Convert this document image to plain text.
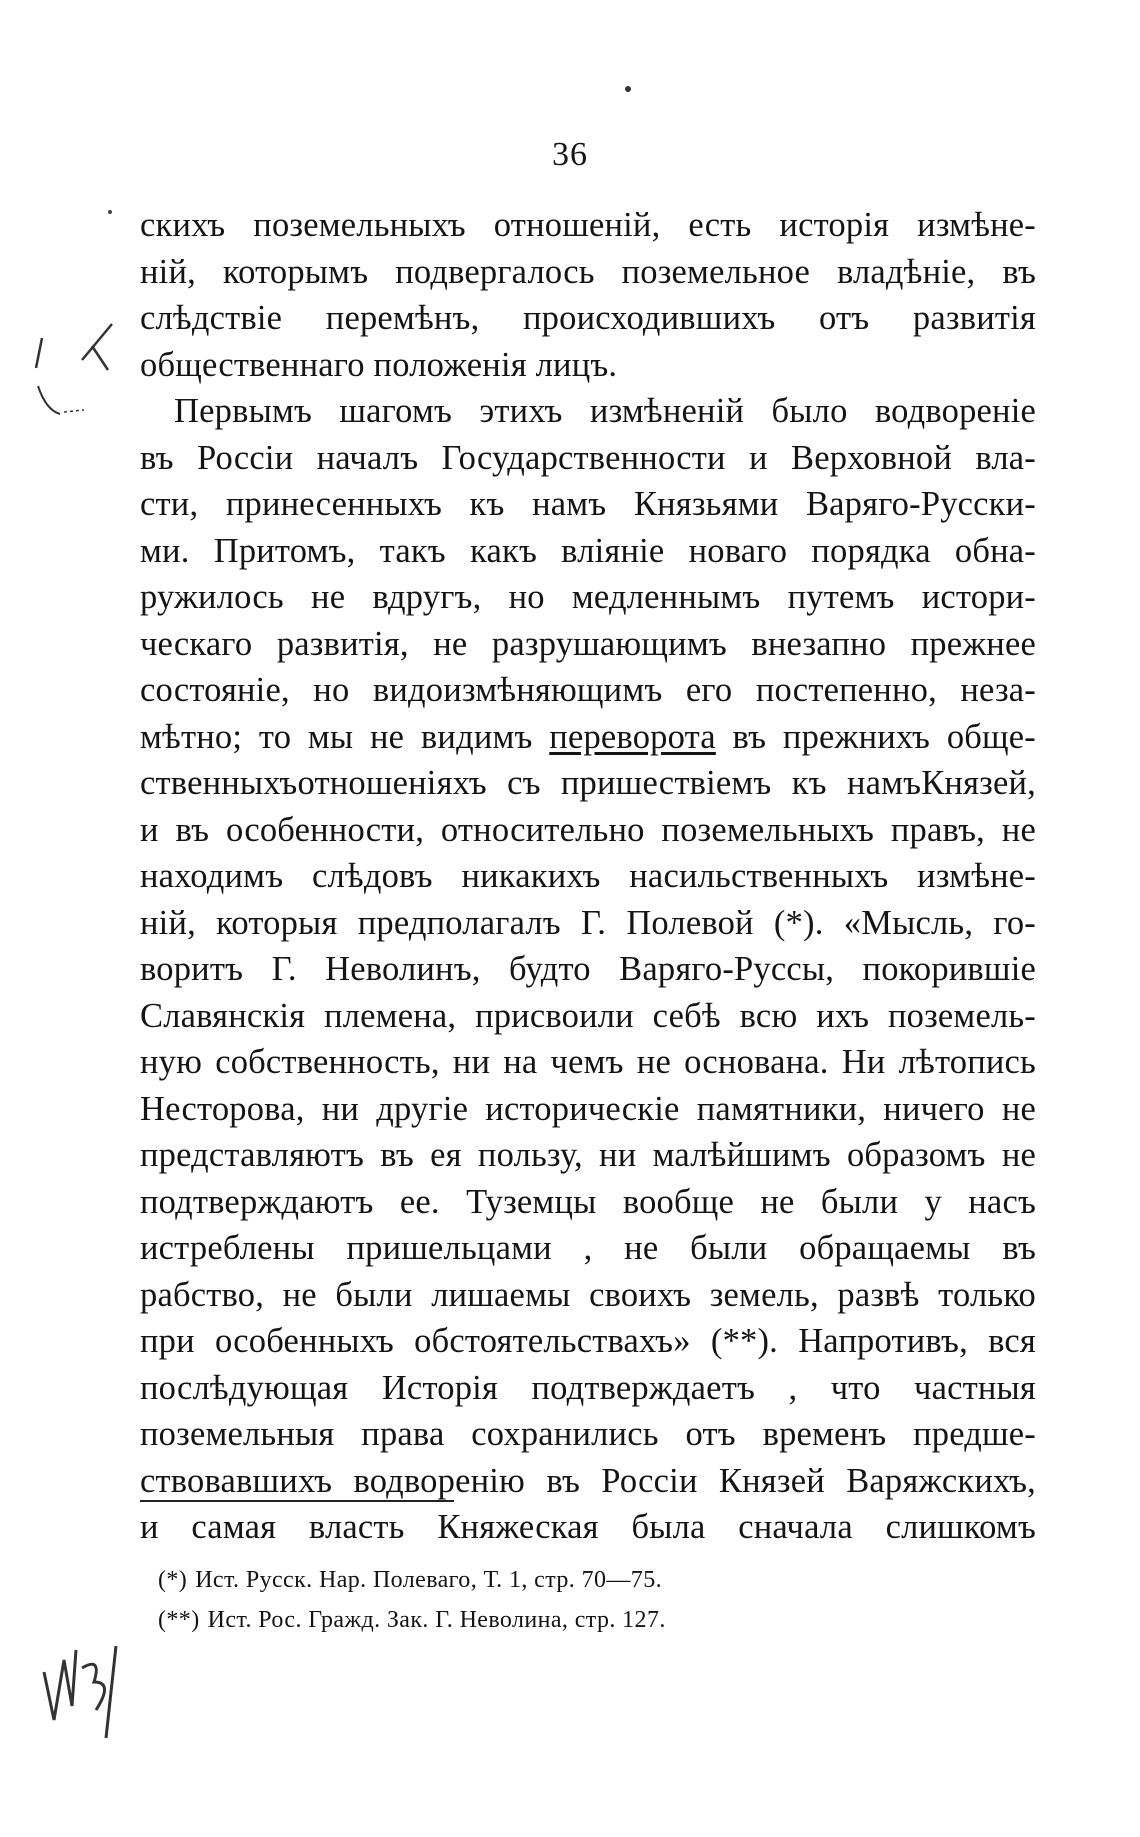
36
скихъ поземельныхъ отношеній, есть исторія измѣне-
ній, которымъ подвергалось поземельное владѣніе, въ
слѣдствіе перемѣнъ, происходившихъ отъ развитія
общественнаго положенія лицъ.
Первымъ шагомъ этихъ измѣненій было водвореніе
въ Россіи началъ Государственности и Верховной вла-
сти, принесенныхъ къ намъ Князьями Варяго-Русски-
ми. Притомъ, такъ какъ вліяніе новаго порядка обна-
ружилось не вдругъ, но медленнымъ путемъ истори-
ческаго развитія, не разрушающимъ внезапно прежнее
состояніе, но видоизмѣняющимъ его постепенно, неза-
мѣтно; то мы не видимъ переворота въ прежнихъ обще-
ственныхъотношеніяхъ съ пришествіемъ къ намъКнязей,
и въ особенности, относительно поземельныхъ правъ, не
находимъ слѣдовъ никакихъ насильственныхъ измѣне-
ній, которыя предполагалъ Г. Полевой (*). «Мысль, го-
воритъ Г. Неволинъ, будто Варяго-Руссы, покорившіе
Славянскія племена, присвоили себѣ всю ихъ поземель-
ную собственность, ни на чемъ не основана. Ни лѣтопись
Несторова, ни другіе историческіе памятники, ничего не
представляютъ въ ея пользу, ни малѣйшимъ образомъ не
подтверждаютъ ее. Туземцы вообще не были у насъ
истреблены пришельцами , не были обращаемы въ
рабство, не были лишаемы своихъ земель, развѣ только
при особенныхъ обстоятельствахъ» (**). Напротивъ, вся
послѣдующая Исторія подтверждаетъ , что частныя
поземельныя права сохранились отъ временъ предше-
ствовавшихъ водворенію въ Россіи Князей Варяжскихъ,
и самая власть Княжеская была сначала слишкомъ
(*) Ист. Русск. Нар. Полеваго, Т. 1, стр. 70—75.
(**) Ист. Рос. Гражд. Зак. Г. Неволина, стр. 127.
